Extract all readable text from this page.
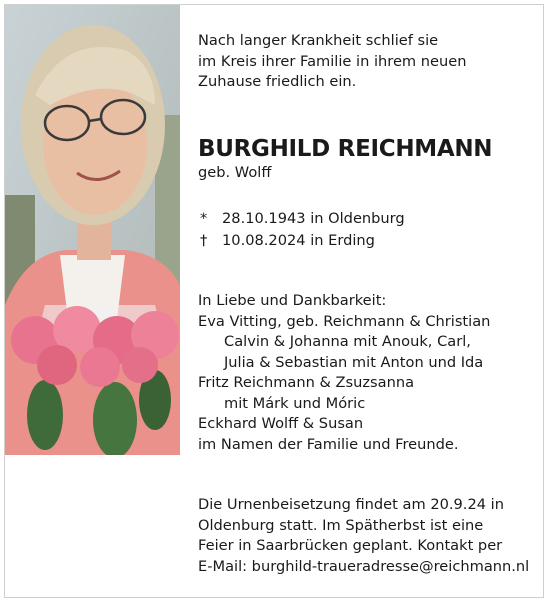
Nach langer Krankheit schlief sie
im Kreis ihrer Familie in ihrem neuen
Zuhause friedlich ein.

BURGHILD REICHMANN
geb. Wolff
*	28.10.1943 in Oldenburg
†	10.08.2024 in Erding

In Liebe und Dankbarkeit:
Eva Vitting, geb. Reichmann & Christian
Calvin & Johanna mit Anouk, Carl,
Julia & Sebastian mit Anton und Ida
Fritz Reichmann & Zsuzsanna
mit Márk und Móric
Eckhard Wolff & Susan
im Namen der Familie und Freunde.

Die Urnenbeisetzung findet am 20.9.24 in
Oldenburg statt. Im Spätherbst ist eine
Feier in Saarbrücken geplant. Kontakt per
E-Mail: burghild-traueradresse@reichmann.nl
